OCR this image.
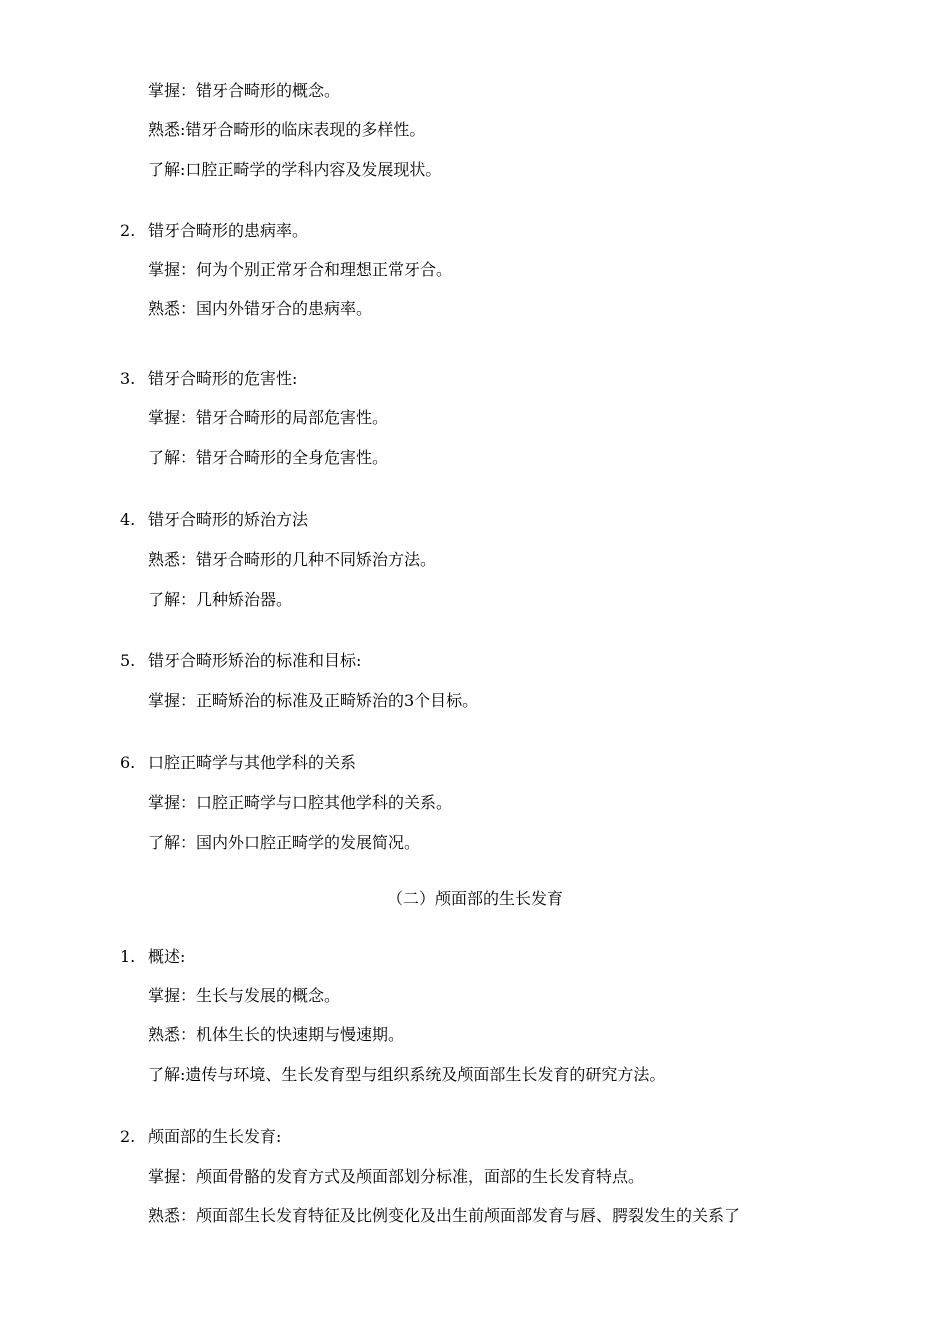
掌握：错牙合畸形的概念。
熟悉:错牙合畸形的临床表现的多样性。
了解:口腔正畸学的学科内容及发展现状。
2. 错牙合畸形的患病率。
掌握：何为个别正常牙合和理想正常牙合。
熟悉：国内外错牙合的患病率。
3. 错牙合畸形的危害性:
掌握：错牙合畸形的局部危害性。
了解：错牙合畸形的全身危害性。
4. 错牙合畸形的矫治方法
熟悉：错牙合畸形的几种不同矫治方法。
了解：几种矫治器。
5. 错牙合畸形矫治的标准和目标:
掌握：正畸矫治的标准及正畸矫治的3个目标。
6. 口腔正畸学与其他学科的关系
掌握：口腔正畸学与口腔其他学科的关系。
了解：国内外口腔正畸学的发展简况。
（二）颅面部的生长发育
1. 概述:
掌握：生长与发展的概念。
熟悉：机体生长的快速期与慢速期。
了解:遗传与环境、生长发育型与组织系统及颅面部生长发育的研究方法。
2. 颅面部的生长发育:
掌握：颅面骨骼的发育方式及颅面部划分标准，面部的生长发育特点。
熟悉：颅面部生长发育特征及比例变化及出生前颅面部发育与唇、腭裂发生的关系了
